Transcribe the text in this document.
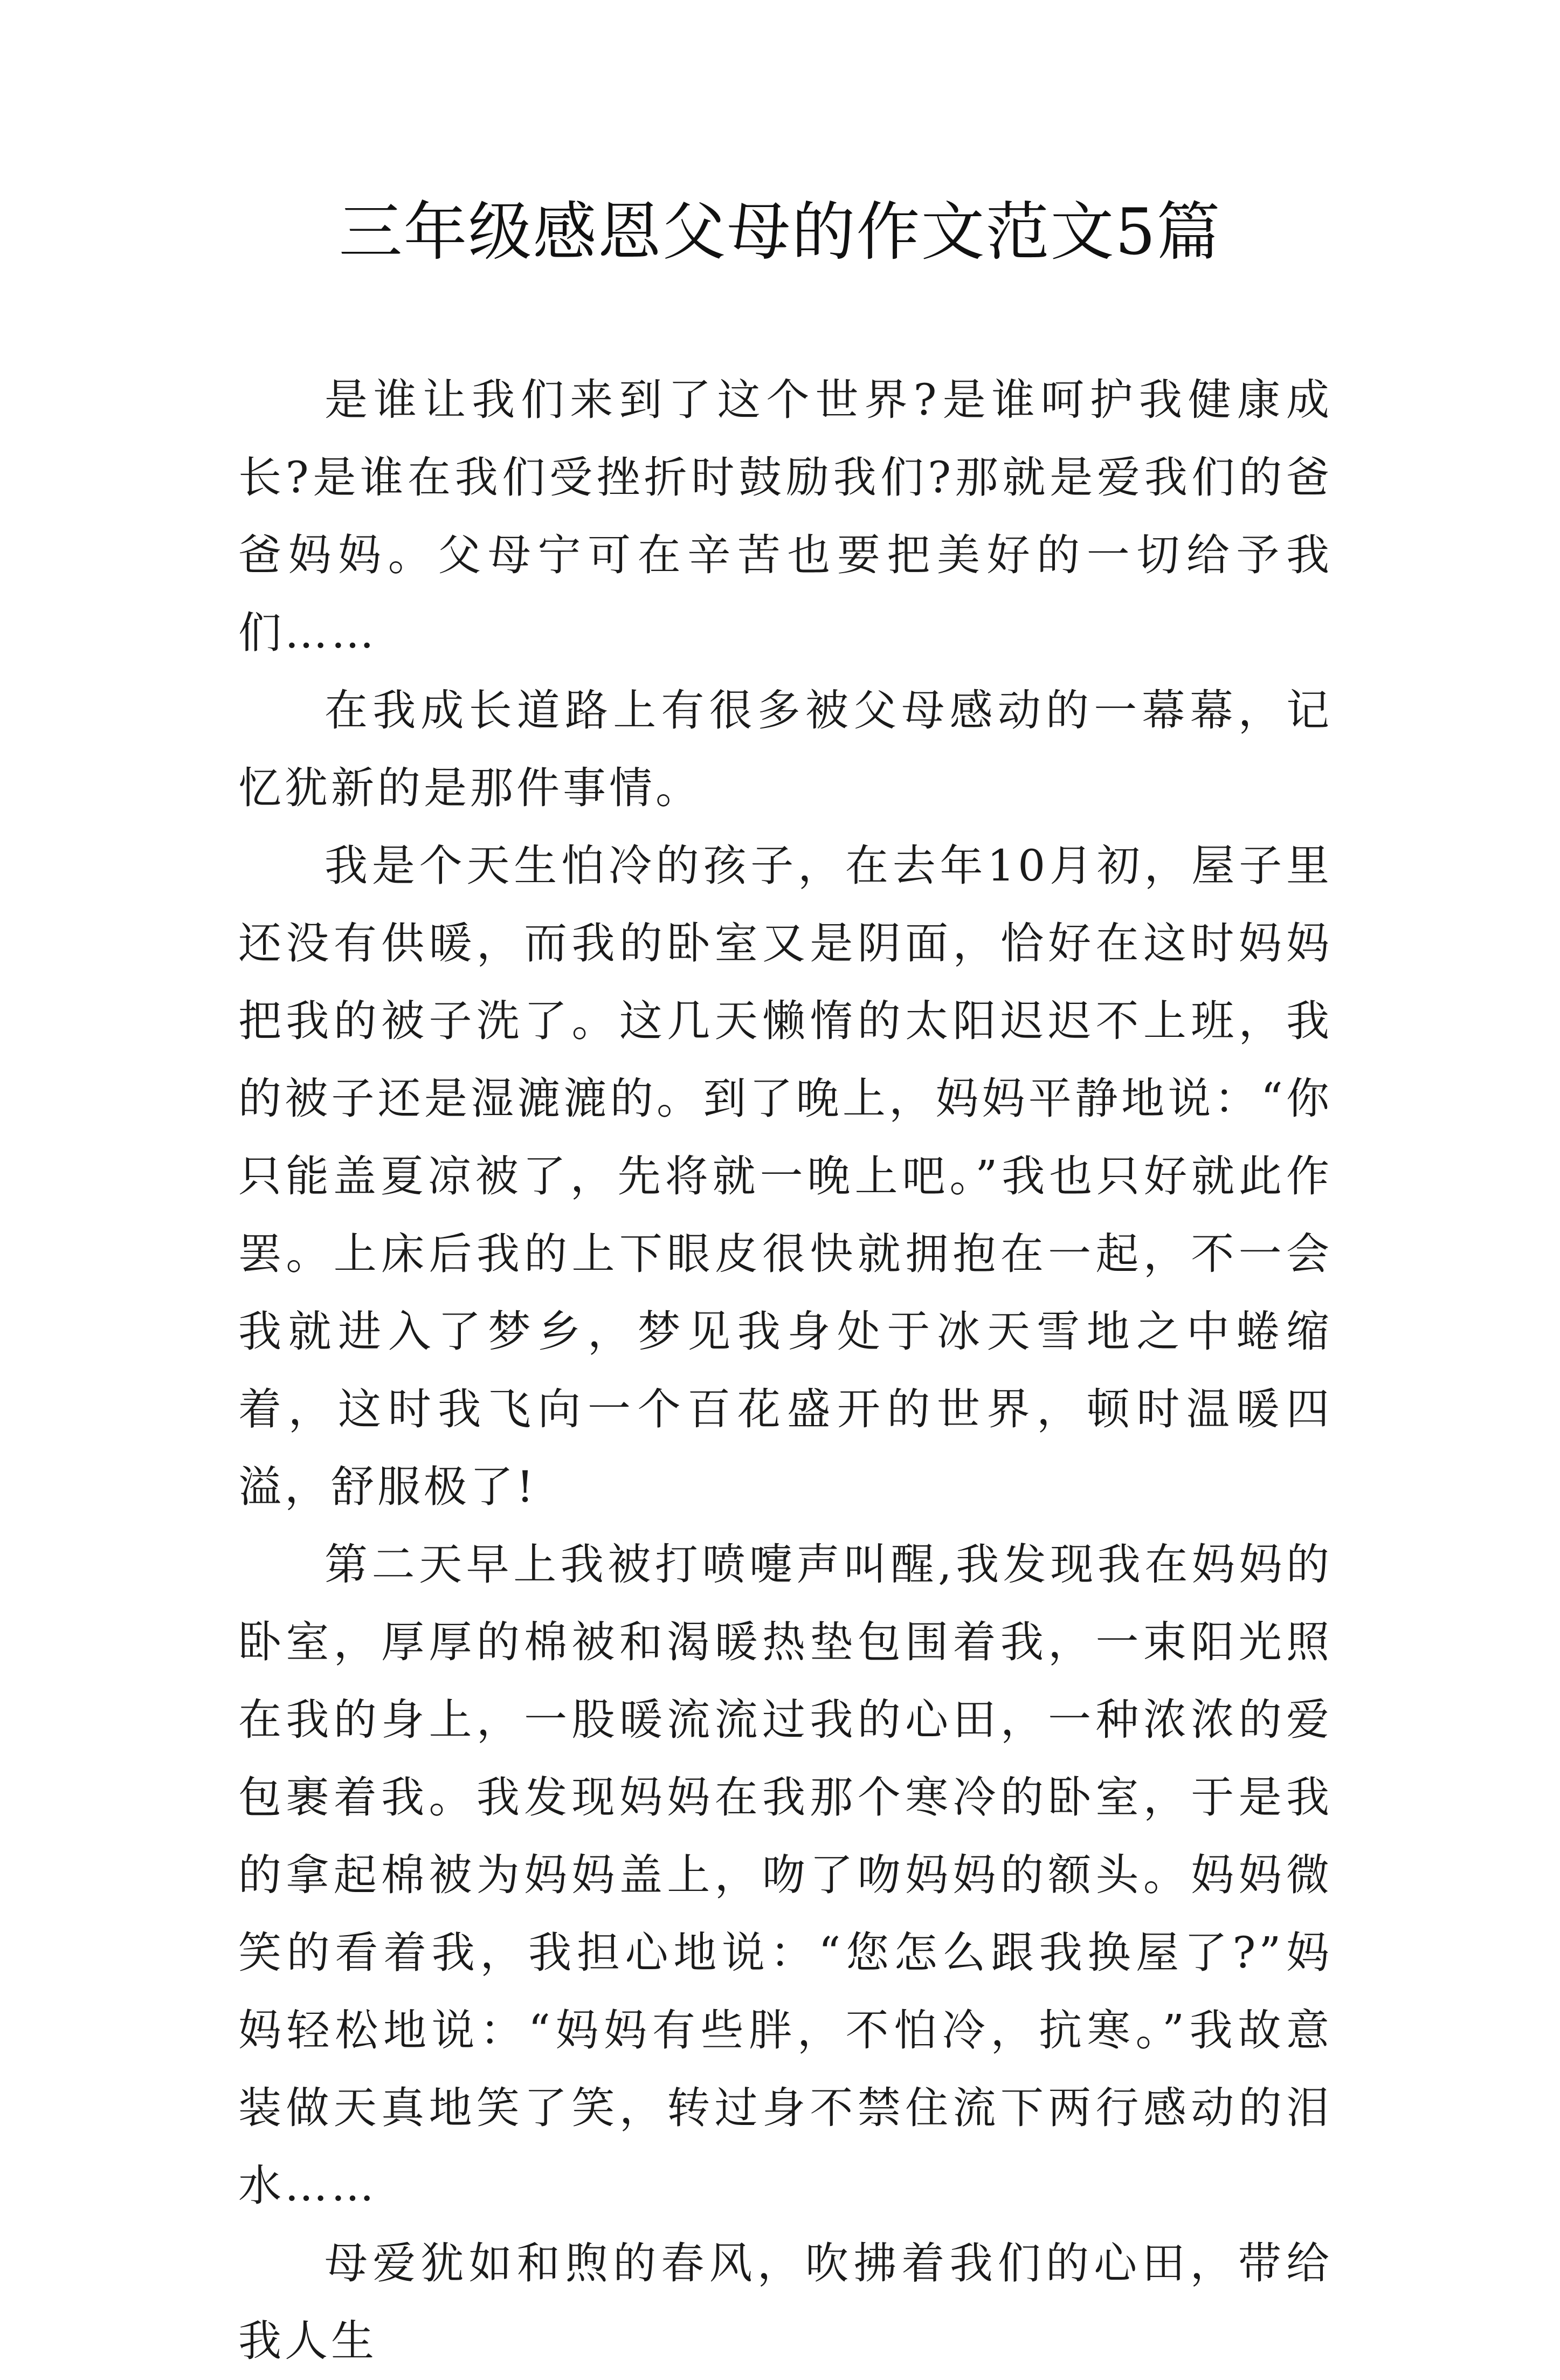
三年级感恩父母的作文范文5篇

是谁让我们来到了这个世界?是谁呵护我健康成长?是谁在我们受挫折时鼓励我们?那就是爱我们的爸爸妈妈。父母宁可在辛苦也要把美好的一切给予我们……

在我成长道路上有很多被父母感动的一幕幕，记忆犹新的是那件事情。

我是个天生怕冷的孩子，在去年10月初，屋子里还没有供暖，而我的卧室又是阴面，恰好在这时妈妈把我的被子洗了。这几天懒惰的太阳迟迟不上班，我的被子还是湿漉漉的。到了晚上，妈妈平静地说：“你只能盖夏凉被了，先将就一晚上吧。”我也只好就此作罢。上床后我的上下眼皮很快就拥抱在一起，不一会我就进入了梦乡，梦见我身处于冰天雪地之中蜷缩着，这时我飞向一个百花盛开的世界，顿时温暖四溢，舒服极了!

第二天早上我被打喷嚏声叫醒,我发现我在妈妈的卧室，厚厚的棉被和渴暖热垫包围着我，一束阳光照在我的身上，一股暖流流过我的心田，一种浓浓的爱包裹着我。我发现妈妈在我那个寒冷的卧室，于是我的拿起棉被为妈妈盖上，吻了吻妈妈的额头。妈妈微笑的看着我，我担心地说：“您怎么跟我换屋了?”妈妈轻松地说：“妈妈有些胖，不怕冷，抗寒。”我故意装做天真地笑了笑，转过身不禁住流下两行感动的泪水……

母爱犹如和煦的春风，吹拂着我们的心田，带给我人生
